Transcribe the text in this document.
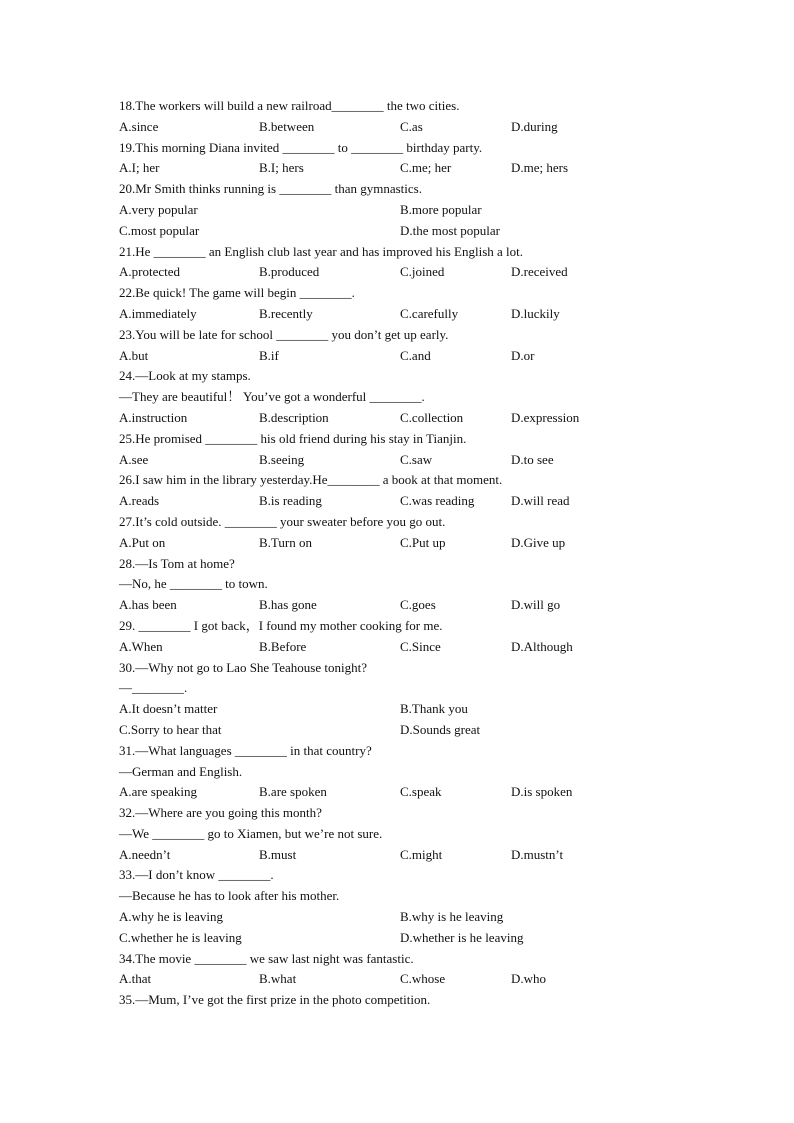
18.The workers will build a new railroad________ the two cities.
A.since	B.between	C.as	D.during
19.This morning Diana invited ________ to ________ birthday party.
A.I; her	B.I; hers	C.me; her	D.me; hers
20.Mr Smith thinks running is ________ than gymnastics.
A.very popular	B.more popular
C.most popular	D.the most popular
21.He ________ an English club last year and has improved his English a lot.
A.protected	B.produced	C.joined	D.received
22.Be quick! The game will begin ________.
A.immediately	B.recently	C.carefully	D.luckily
23.You will be late for school ________ you don’t get up early.
A.but	B.if	C.and	D.or
24.—Look at my stamps.
—They are beautiful！ You’ve got a wonderful ________.
A.instruction	B.description	C.collection	D.expression
25.He promised ________ his old friend during his stay in Tianjin.
A.see	B.seeing	C.saw	D.to see
26.I saw him in the library yesterday.He________ a book at that moment.
A.reads	B.is reading	C.was reading	D.will read
27.It’s cold outside. ________ your sweater before you go out.
A.Put on	B.Turn on	C.Put up	D.Give up
28.—Is Tom at home?
—No, he ________ to town.
A.has been	B.has gone	C.goes	D.will go
29. ________ I got back，I found my mother cooking for me.
A.When	B.Before	C.Since	D.Although
30.—Why not go to Lao She Teahouse tonight?
—________.
A.It doesn’t matter	B.Thank you
C.Sorry to hear that	D.Sounds great
31.—What languages ________ in that country?
—German and English.
A.are speaking	B.are spoken	C.speak	D.is spoken
32.—Where are you going this month?
—We ________ go to Xiamen, but we’re not sure.
A.needn’t	B.must	C.might	D.mustn’t
33.—I don’t know ________.
—Because he has to look after his mother.
A.why he is leaving	B.why is he leaving
C.whether he is leaving	D.whether is he leaving
34.The movie ________ we saw last night was fantastic.
A.that	B.what	C.whose	D.who
35.—Mum, I’ve got the first prize in the photo competition.
